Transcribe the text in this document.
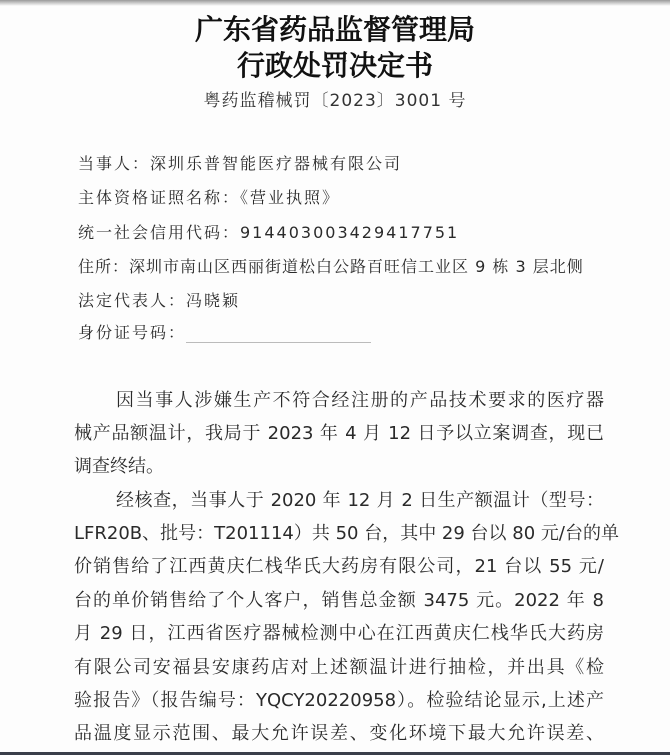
广东省药品监督管理局
行政处罚决定书
粤药监稽械罚〔2023〕3001 号
当事人：深圳乐普智能医疗器械有限公司
主体资格证照名称：《营业执照》
统一社会信用代码：914403003429417751
住所：深圳市南山区西丽街道松白公路百旺信工业区 9 栋 3 层北侧
法定代表人：冯晓颖
身份证号码：
因当事人涉嫌生产不符合经注册的产品技术要求的医疗器
械产品额温计，我局于 2023 年 4 月 12 日予以立案调查，现已
调查终结。
经核查，当事人于 2020 年 12 月 2 日生产额温计（型号：
LFR20B、批号：T201114）共 50 台，其中 29 台以 80 元/台的单
价销售给了江西黄庆仁栈华氏大药房有限公司，21 台以 55 元/
台的单价销售给了个人客户，销售总金额 3475 元。2022 年 8
月 29 日，江西省医疗器械检测中心在江西黄庆仁栈华氏大药房
有限公司安福县安康药店对上述额温计进行抽检，并出具《检
验报告》（报告编号：YQCY20220958）。检验结论显示,上述产
品温度显示范围、最大允许误差、变化环境下最大允许误差、
